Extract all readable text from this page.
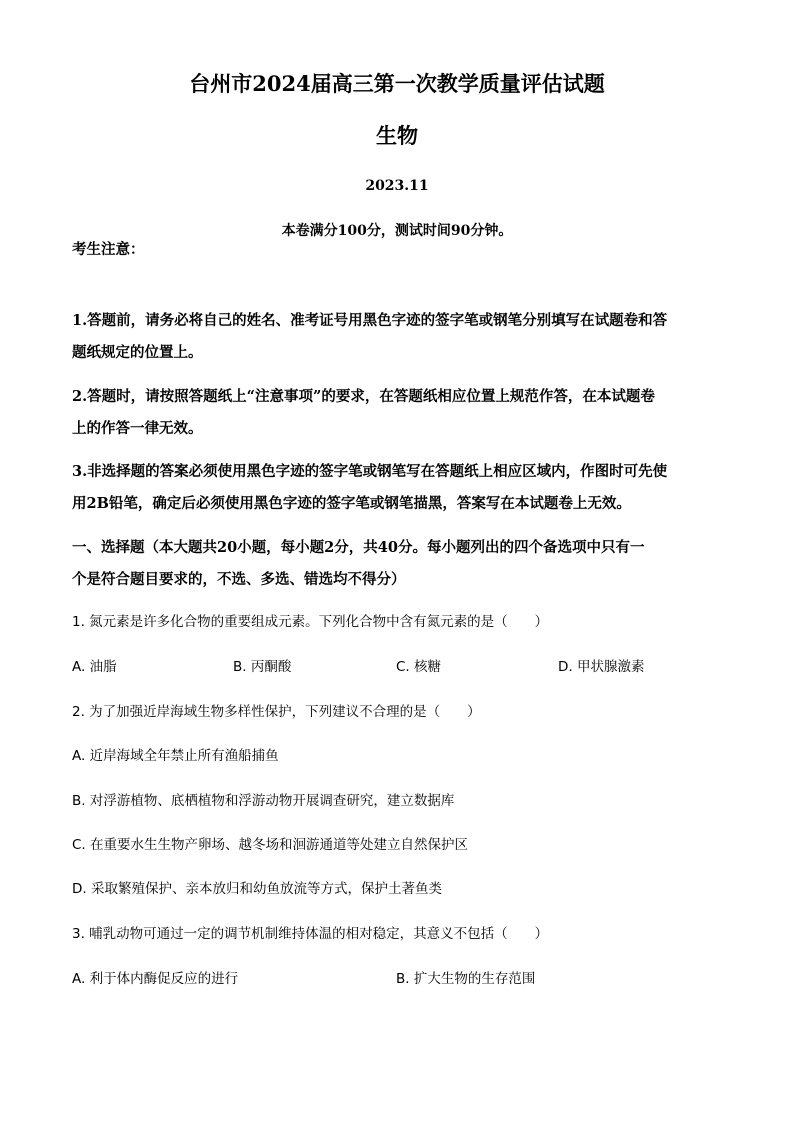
台州市2024届高三第一次教学质量评估试题
生物
2023.11
本卷满分100分，测试时间90分钟。
考生注意：
1.答题前，请务必将自己的姓名、准考证号用黑色字迹的签字笔或钢笔分别填写在试题卷和答
题纸规定的位置上。
2.答题时，请按照答题纸上“注意事项”的要求，在答题纸相应位置上规范作答，在本试题卷
上的作答一律无效。
3.非选择题的答案必须使用黑色字迹的签字笔或钢笔写在答题纸上相应区域内，作图时可先使
用2B铅笔，确定后必须使用黑色字迹的签字笔或钢笔描黑，答案写在本试题卷上无效。
一、选择题（本大题共20小题，每小题2分，共40分。每小题列出的四个备选项中只有一
个是符合题目要求的，不选、多选、错选均不得分）
1. 氮元素是许多化合物的重要组成元素。下列化合物中含有氮元素的是（　　）
A. 油脂	B. 丙酮酸	C. 核糖	D. 甲状腺激素
2. 为了加强近岸海域生物多样性保护，下列建议不合理的是（　　）
A. 近岸海域全年禁止所有渔船捕鱼
B. 对浮游植物、底栖植物和浮游动物开展调查研究，建立数据库
C. 在重要水生生物产卵场、越冬场和洄游通道等处建立自然保护区
D. 采取繁殖保护、亲本放归和幼鱼放流等方式，保护土著鱼类
3. 哺乳动物可通过一定的调节机制维持体温的相对稳定，其意义不包括（　　）
A. 利于体内酶促反应的进行	B. 扩大生物的生存范围
